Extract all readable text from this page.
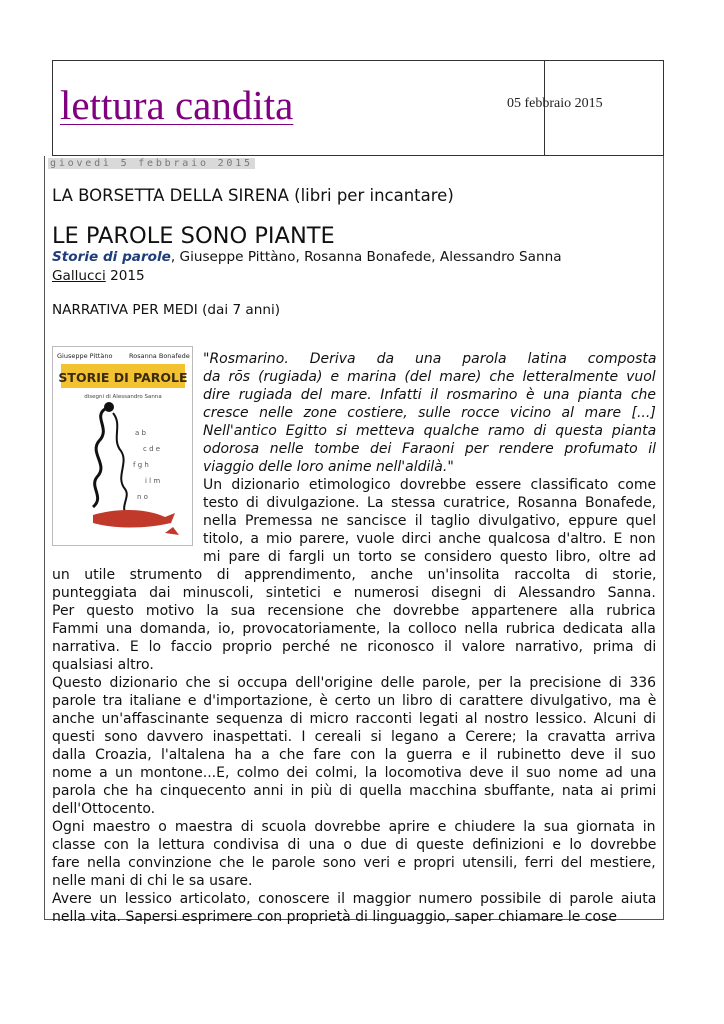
lettura candita	05 febbraio 2015
giovedì 5 febbraio 2015
LA BORSETTA DELLA SIRENA (libri per incantare)
LE PAROLE SONO PIANTE
Storie di parole, Giuseppe Pittàno, Rosanna Bonafede, Alessandro Sanna
Gallucci 2015
NARRATIVA PER MEDI (dai 7 anni)
Giuseppe Pittàno	Rosanna Bonafede
STORIE DI PAROLE
disegni di Alessandro Sanna
a b
c d e
f g h
i l m
n o
"Rosmarino. Deriva da una parola latina composta
da rōs (rugiada) e marina (del mare) che letteralmente vuol
dire rugiada del mare. Infatti il rosmarino è una pianta che
cresce nelle zone costiere, sulle rocce vicino al mare [...]
Nell'antico Egitto si metteva qualche ramo di questa pianta
odorosa nelle tombe dei Faraoni per rendere profumato il
viaggio delle loro anime nell'aldilà."
Un dizionario etimologico dovrebbe essere classificato come
testo di divulgazione. La stessa curatrice, Rosanna Bonafede,
nella Premessa ne sancisce il taglio divulgativo, eppure quel
titolo, a mio parere, vuole dirci anche qualcosa d'altro. E non
mi pare di fargli un torto se considero questo libro, oltre ad
un utile strumento di apprendimento, anche un'insolita raccolta di storie,
punteggiata dai minuscoli, sintetici e numerosi disegni di Alessandro Sanna.
Per questo motivo la sua recensione che dovrebbe appartenere alla rubrica
Fammi una domanda, io, provocatoriamente, la colloco nella rubrica dedicata alla
narrativa. E lo faccio proprio perché ne riconosco il valore narrativo, prima di
qualsiasi altro.
Questo dizionario che si occupa dell'origine delle parole, per la precisione di 336
parole tra italiane e d'importazione, è certo un libro di carattere divulgativo, ma è
anche un'affascinante sequenza di micro racconti legati al nostro lessico. Alcuni di
questi sono davvero inaspettati. I cereali si legano a Cerere; la cravatta arriva
dalla Croazia, l'altalena ha a che fare con la guerra e il rubinetto deve il suo
nome a un montone...E, colmo dei colmi, la locomotiva deve il suo nome ad una
parola che ha cinquecento anni in più di quella macchina sbuffante, nata ai primi
dell'Ottocento.
Ogni maestro o maestra di scuola dovrebbe aprire e chiudere la sua giornata in
classe con la lettura condivisa di una o due di queste definizioni e lo dovrebbe
fare nella convinzione che le parole sono veri e propri utensili, ferri del mestiere,
nelle mani di chi le sa usare.
Avere un lessico articolato, conoscere il maggior numero possibile di parole aiuta
nella vita. Sapersi esprimere con proprietà di linguaggio, saper chiamare le cose
